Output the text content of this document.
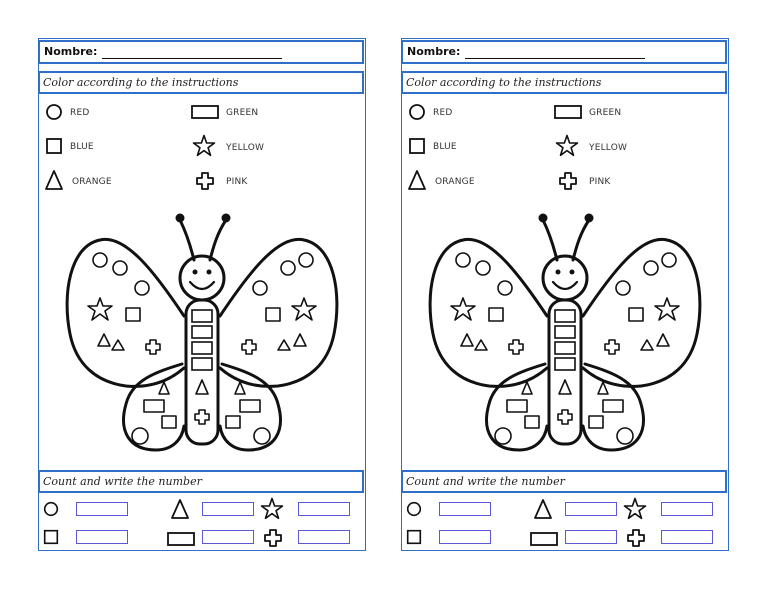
Nombre:
Color according to the instructions
RED	GREEN
BLUE	YELLOW
ORANGE	PINK
Count and write the number
Nombre:
Color according to the instructions
RED	GREEN
BLUE	YELLOW
ORANGE	PINK
Count and write the number
